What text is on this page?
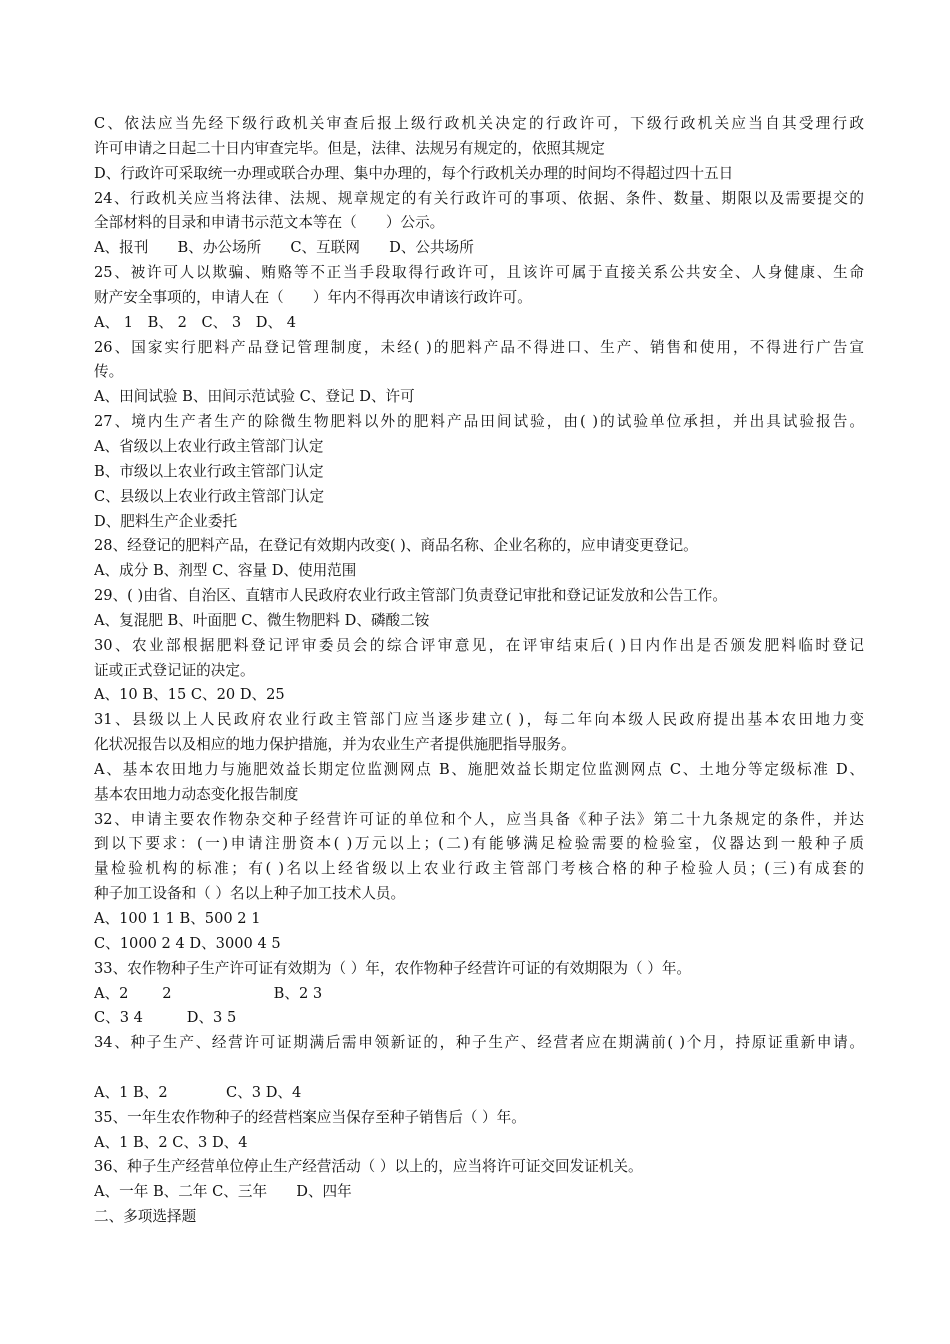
C、依法应当先经下级行政机关审查后报上级行政机关决定的行政许可，下级行政机关应当自其受理行政
许可申请之日起二十日内审查完毕。但是，法律、法规另有规定的，依照其规定
D、行政许可采取统一办理或联合办理、集中办理的，每个行政机关办理的时间均不得超过四十五日
24、行政机关应当将法律、法规、规章规定的有关行政许可的事项、依据、条件、数量、期限以及需要提交的
全部材料的目录和申请书示范文本等在（　　）公示。
A、报刊　　B、办公场所　　C、互联网　　D、公共场所
25、被许可人以欺骗、贿赂等不正当手段取得行政许可，且该许可属于直接关系公共安全、人身健康、生命
财产安全事项的，申请人在（　　）年内不得再次申请该行政许可。
A、 1　B、 2　C、 3　D、 4
26、国家实行肥料产品登记管理制度，未经( )的肥料产品不得进口、生产、销售和使用，不得进行广告宣
传。
A、田间试验 B、田间示范试验 C、登记 D、许可
27、境内生产者生产的除微生物肥料以外的肥料产品田间试验，由( )的试验单位承担，并出具试验报告。
A、省级以上农业行政主管部门认定
B、市级以上农业行政主管部门认定
C、县级以上农业行政主管部门认定
D、肥料生产企业委托
28、经登记的肥料产品，在登记有效期内改变( )、商品名称、企业名称的，应申请变更登记。
A、成分 B、剂型 C、容量 D、使用范围
29、( )由省、自治区、直辖市人民政府农业行政主管部门负责登记审批和登记证发放和公告工作。
A、复混肥 B、叶面肥 C、微生物肥料 D、磷酸二铵
30、农业部根据肥料登记评审委员会的综合评审意见，在评审结束后( )日内作出是否颁发肥料临时登记
证或正式登记证的决定。
A、10 B、15 C、20 D、25
31、县级以上人民政府农业行政主管部门应当逐步建立( )，每二年向本级人民政府提出基本农田地力变
化状况报告以及相应的地力保护措施，并为农业生产者提供施肥指导服务。
A、基本农田地力与施肥效益长期定位监测网点 B、施肥效益长期定位监测网点 C、土地分等定级标准 D、
基本农田地力动态变化报告制度
32、申请主要农作物杂交种子经营许可证的单位和个人，应当具备《种子法》第二十九条规定的条件，并达
到以下要求：(一)申请注册资本( )万元以上；(二)有能够满足检验需要的检验室，仪器达到一般种子质
量检验机构的标准；有( )名以上经省级以上农业行政主管部门考核合格的种子检验人员；(三)有成套的
种子加工设备和（ ）名以上种子加工技术人员。
A、100 1 1 B、500 2 1
C、1000 2 4 D、3000 4 5
33、农作物种子生产许可证有效期为（ ）年，农作物种子经营许可证的有效期限为（ ）年。
A、2　　 2　　　　　　　B、2 3
C、3 4　　　D、3 5
34、种子生产、经营许可证期满后需申领新证的，种子生产、经营者应在期满前( )个月，持原证重新申请。
A、1 B、2　　　　C、3 D、4
35、一年生农作物种子的经营档案应当保存至种子销售后（ ）年。
A、1 B、2 C、3 D、4
36、种子生产经营单位停止生产经营活动（ ）以上的，应当将许可证交回发证机关。
A、一年 B、二年 C、三年　　D、四年
二、多项选择题
